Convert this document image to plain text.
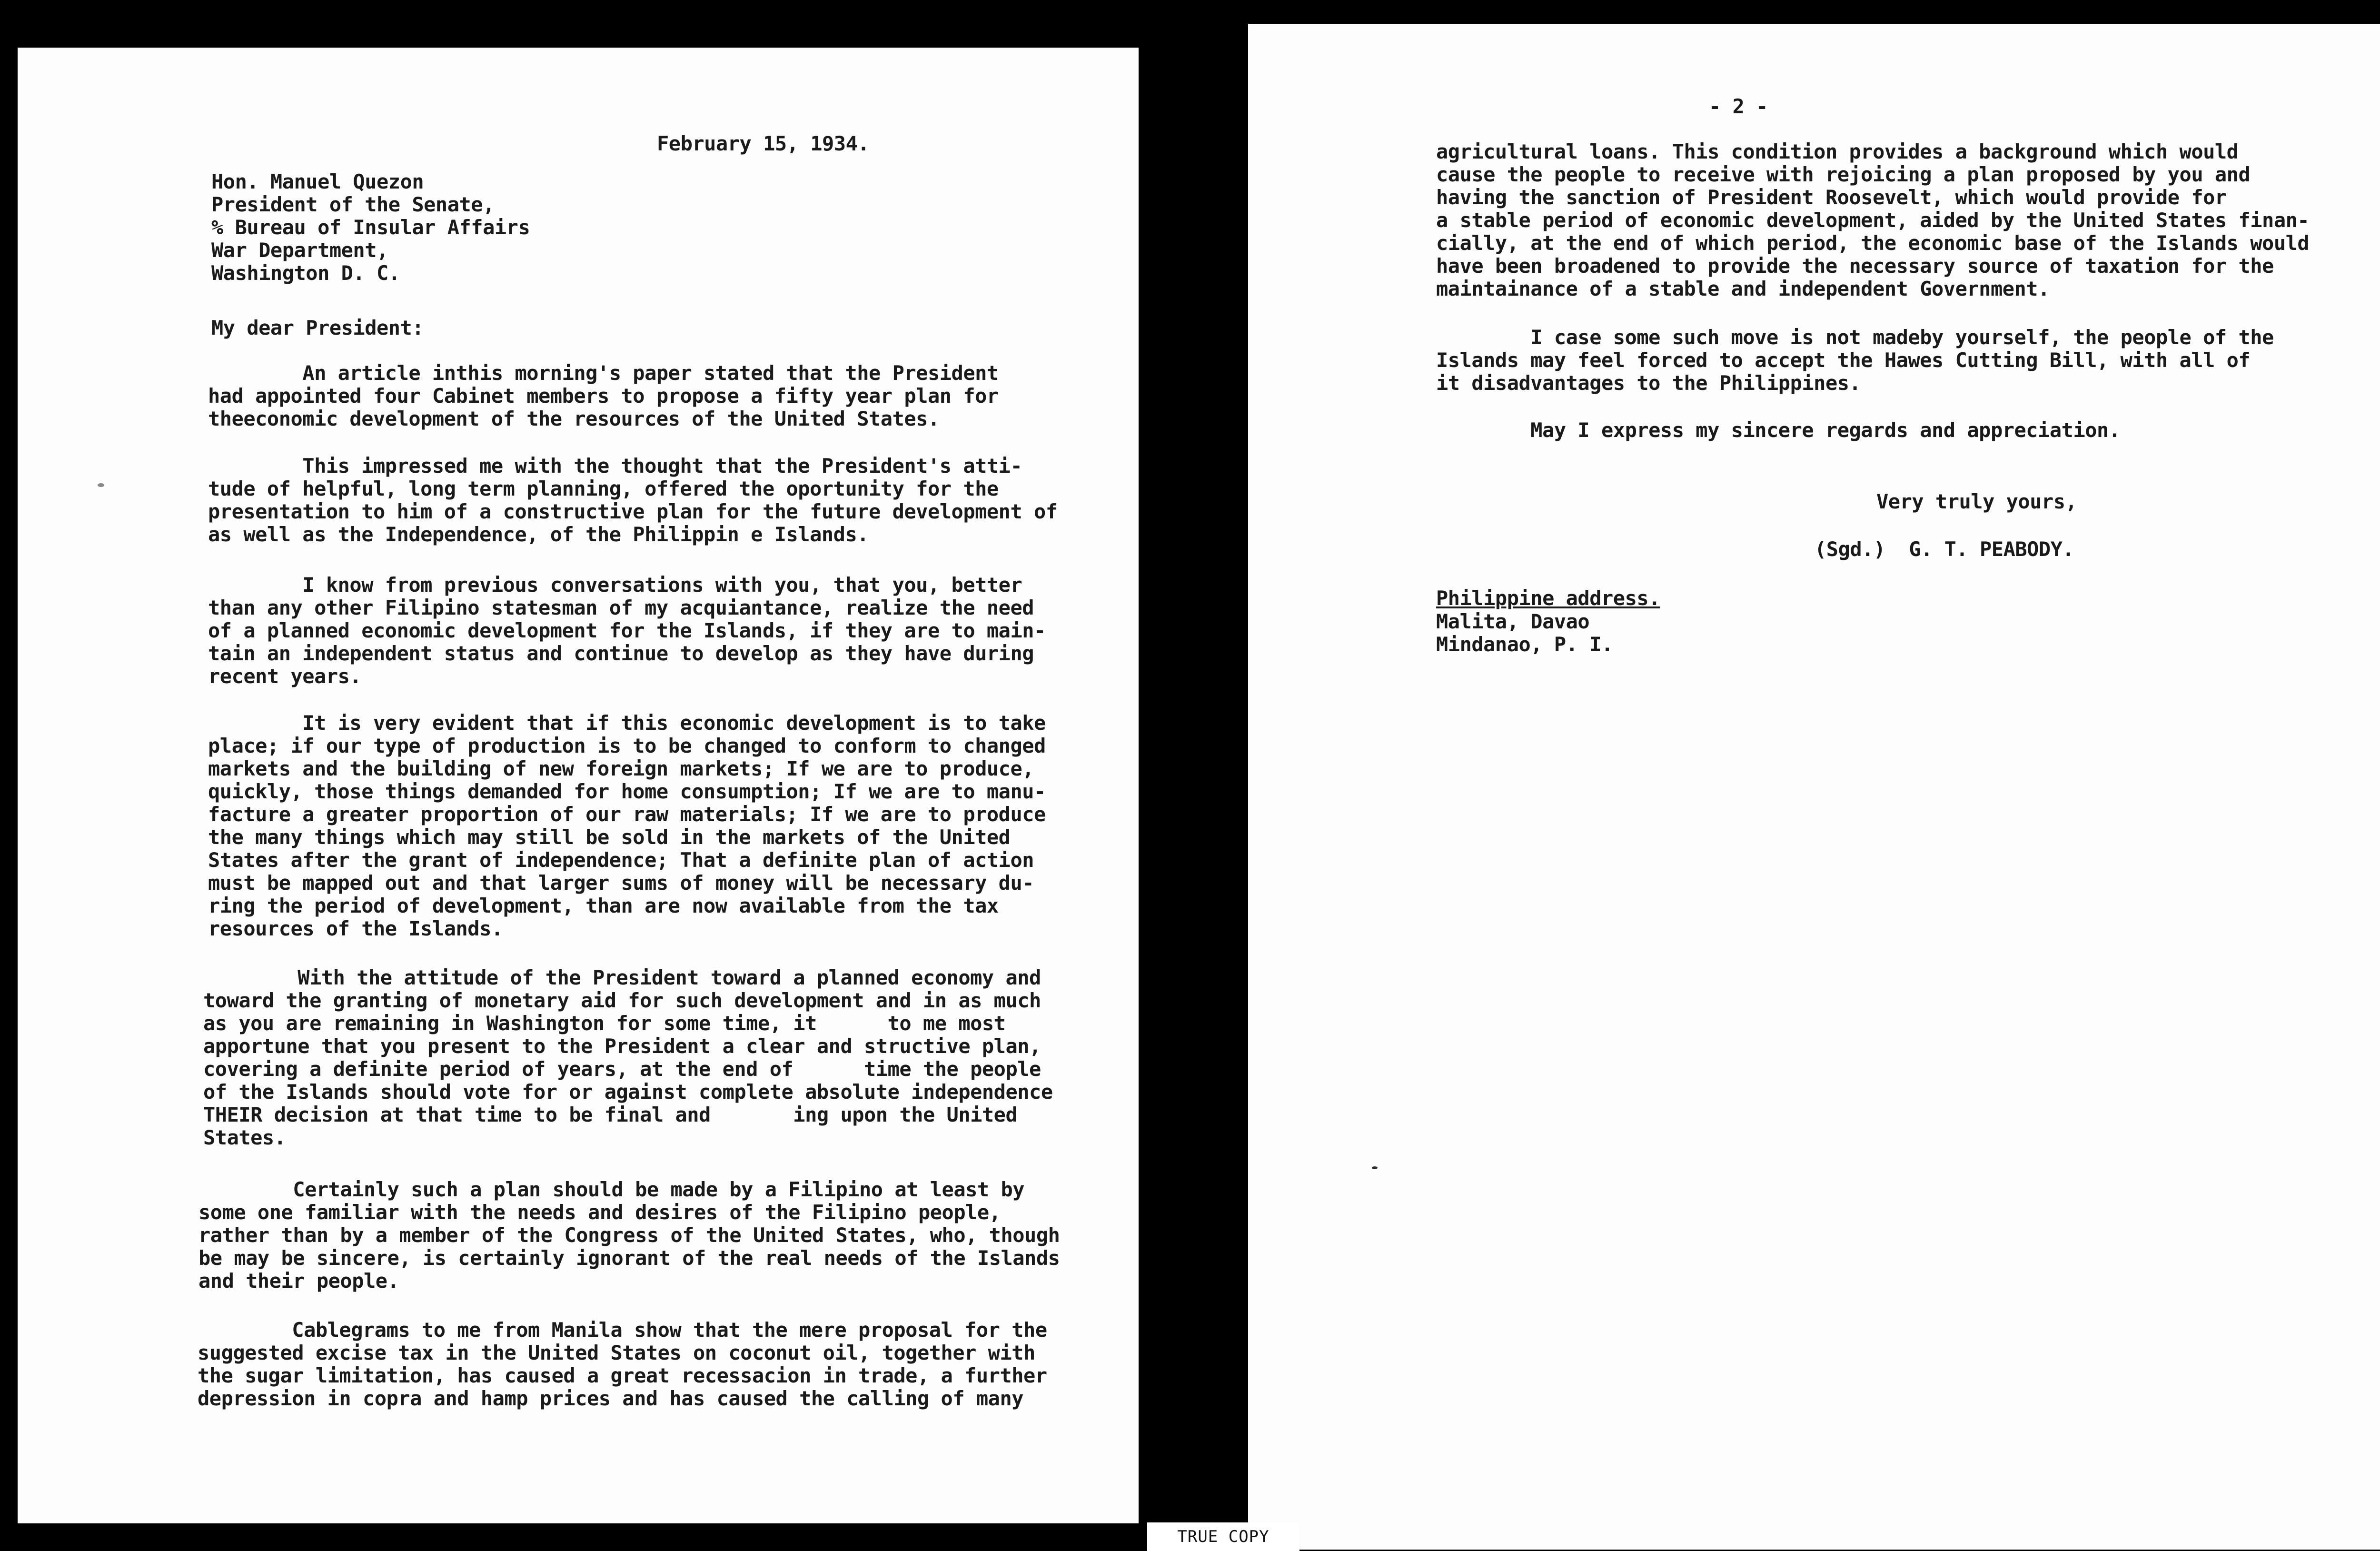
February 15, 1934.
Hon. Manuel Quezon
President of the Senate,
% Bureau of Insular Affairs
War Department,
Washington D. C.
My dear President:
An article inthis morning's paper stated that the President
had appointed four Cabinet members to propose a fifty year plan for
theeconomic development of the resources of the United States.
This impressed me with the thought that the President's atti-
tude of helpful, long term planning, offered the oportunity for the
presentation to him of a constructive plan for the future development of
as well as the Independence, of the Philippin e Islands.
I know from previous conversations with you, that you, better
than any other Filipino statesman of my acquiantance, realize the need
of a planned economic development for the Islands, if they are to main-
tain an independent status and continue to develop as they have during
recent years.
It is very evident that if this economic development is to take
place; if our type of production is to be changed to conform to changed
markets and the building of new foreign markets; If we are to produce,
quickly, those things demanded for home consumption; If we are to manu-
facture a greater proportion of our raw materials; If we are to produce
the many things which may still be sold in the markets of the United
States after the grant of independence; That a definite plan of action
must be mapped out and that larger sums of money will be necessary du-
ring the period of development, than are now available from the tax
resources of the Islands.
With the attitude of the President toward a planned economy and
toward the granting of monetary aid for such development and in as much
as you are remaining in Washington for some time, it      to me most
apportune that you present to the President a clear and structive plan,
covering a definite period of years, at the end of      time the people
of the Islands should vote for or against complete absolute independence
THEIR decision at that time to be final and       ing upon the United
States.
Certainly such a plan should be made by a Filipino at least by
some one familiar with the needs and desires of the Filipino people,
rather than by a member of the Congress of the United States, who, though
be may be sincere, is certainly ignorant of the real needs of the Islands
and their people.
Cablegrams to me from Manila show that the mere proposal for the
suggested excise tax in the United States on coconut oil, together with
the sugar limitation, has caused a great recessacion in trade, a further
depression in copra and hamp prices and has caused the calling of many
- 2 -
agricultural loans. This condition provides a background which would
cause the people to receive with rejoicing a plan proposed by you and
having the sanction of President Roosevelt, which would provide for
a stable period of economic development, aided by the United States finan-
cially, at the end of which period, the economic base of the Islands would
have been broadened to provide the necessary source of taxation for the
maintainance of a stable and independent Government.
I case some such move is not madeby yourself, the people of the
Islands may feel forced to accept the Hawes Cutting Bill, with all of
it disadvantages to the Philippines.
May I express my sincere regards and appreciation.
Very truly yours,
(Sgd.)  G. T. PEABODY.
Philippine address.
Malita, Davao
Mindanao, P. I.
TRUE COPY
